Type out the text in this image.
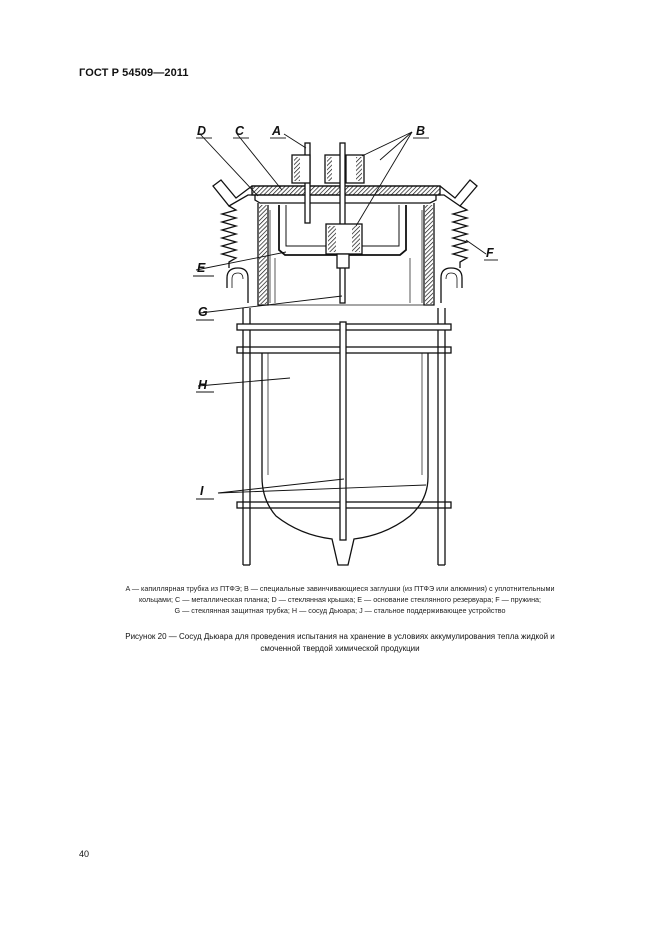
ГОСТ Р 54509—2011
D C A	B
E
F
G
H
I
A — капиллярная трубка из ПТФЭ; B — специальные завинчивающиеся заглушки (из ПТФЭ или алюминия) с уплотнительными
кольцами; C — металлическая планка; D — стеклянная крышка; E — основание стеклянного резервуара; F — пружина;
G — стеклянная защитная трубка; H — сосуд Дьюара; J — стальное поддерживающее устройство
Рисунок 20 — Сосуд Дьюара для проведения испытания на хранение в условиях аккумулирования тепла жидкой и
смоченной твердой химической продукции
40
